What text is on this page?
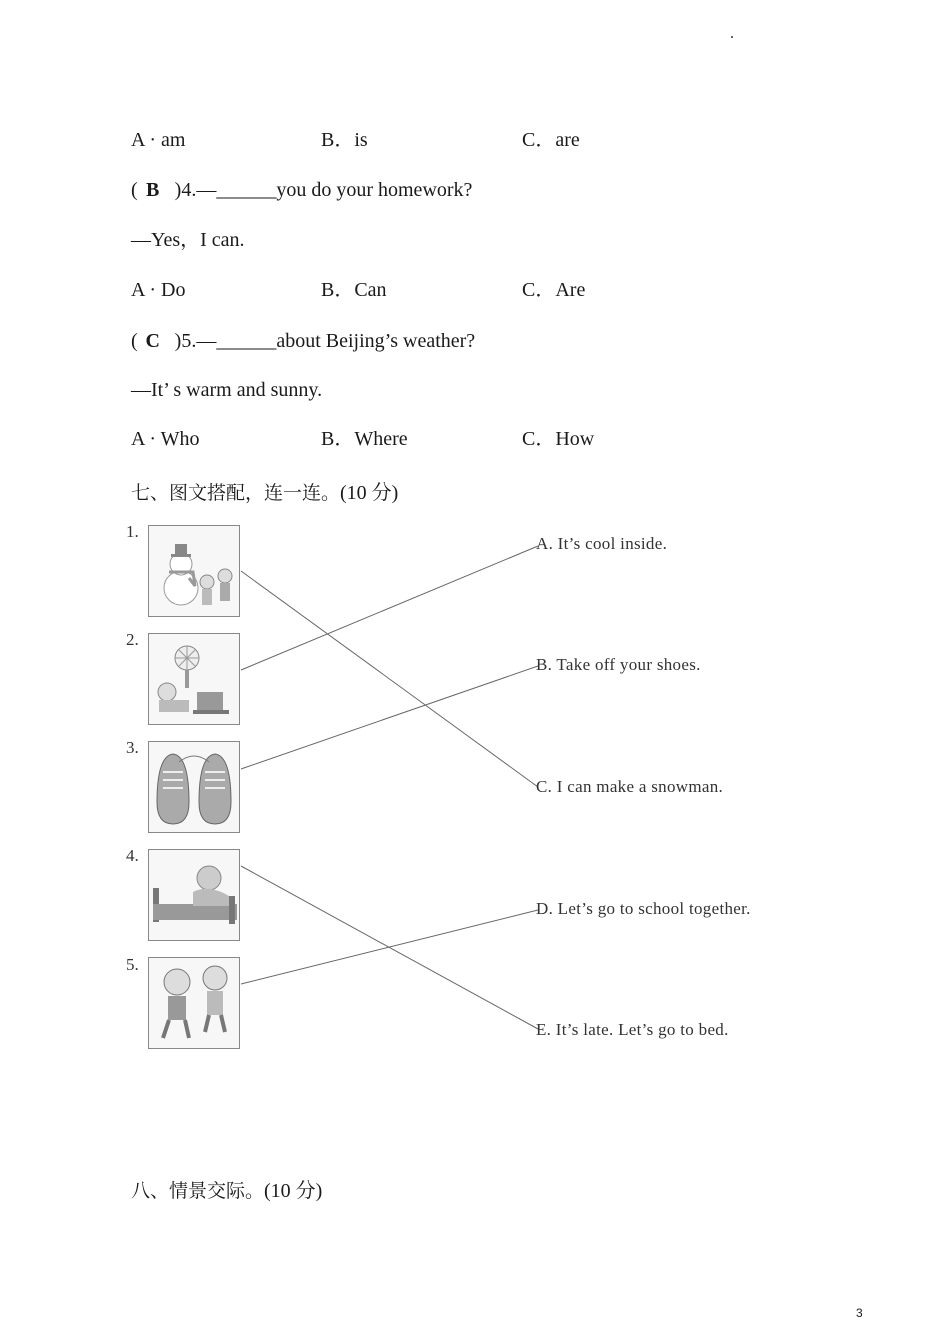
A · am	B．is	C．are
( B )4.—______you do your homework?
—Yes，I can.
A · Do	B．Can	C．Are
( C )5.—______about Beijing’s weather?
—It’ s warm and sunny.
A · Who	B．Where	C．How
七、图文搭配，连一连。(10 分)
1.
2.
3.
4.
5.
A. It’s cool inside.
B. Take off your shoes.
C. I can make a snowman.
D. Let’s go to school together.
E. It’s late. Let’s go to bed.
八、情景交际。(10 分)
3
